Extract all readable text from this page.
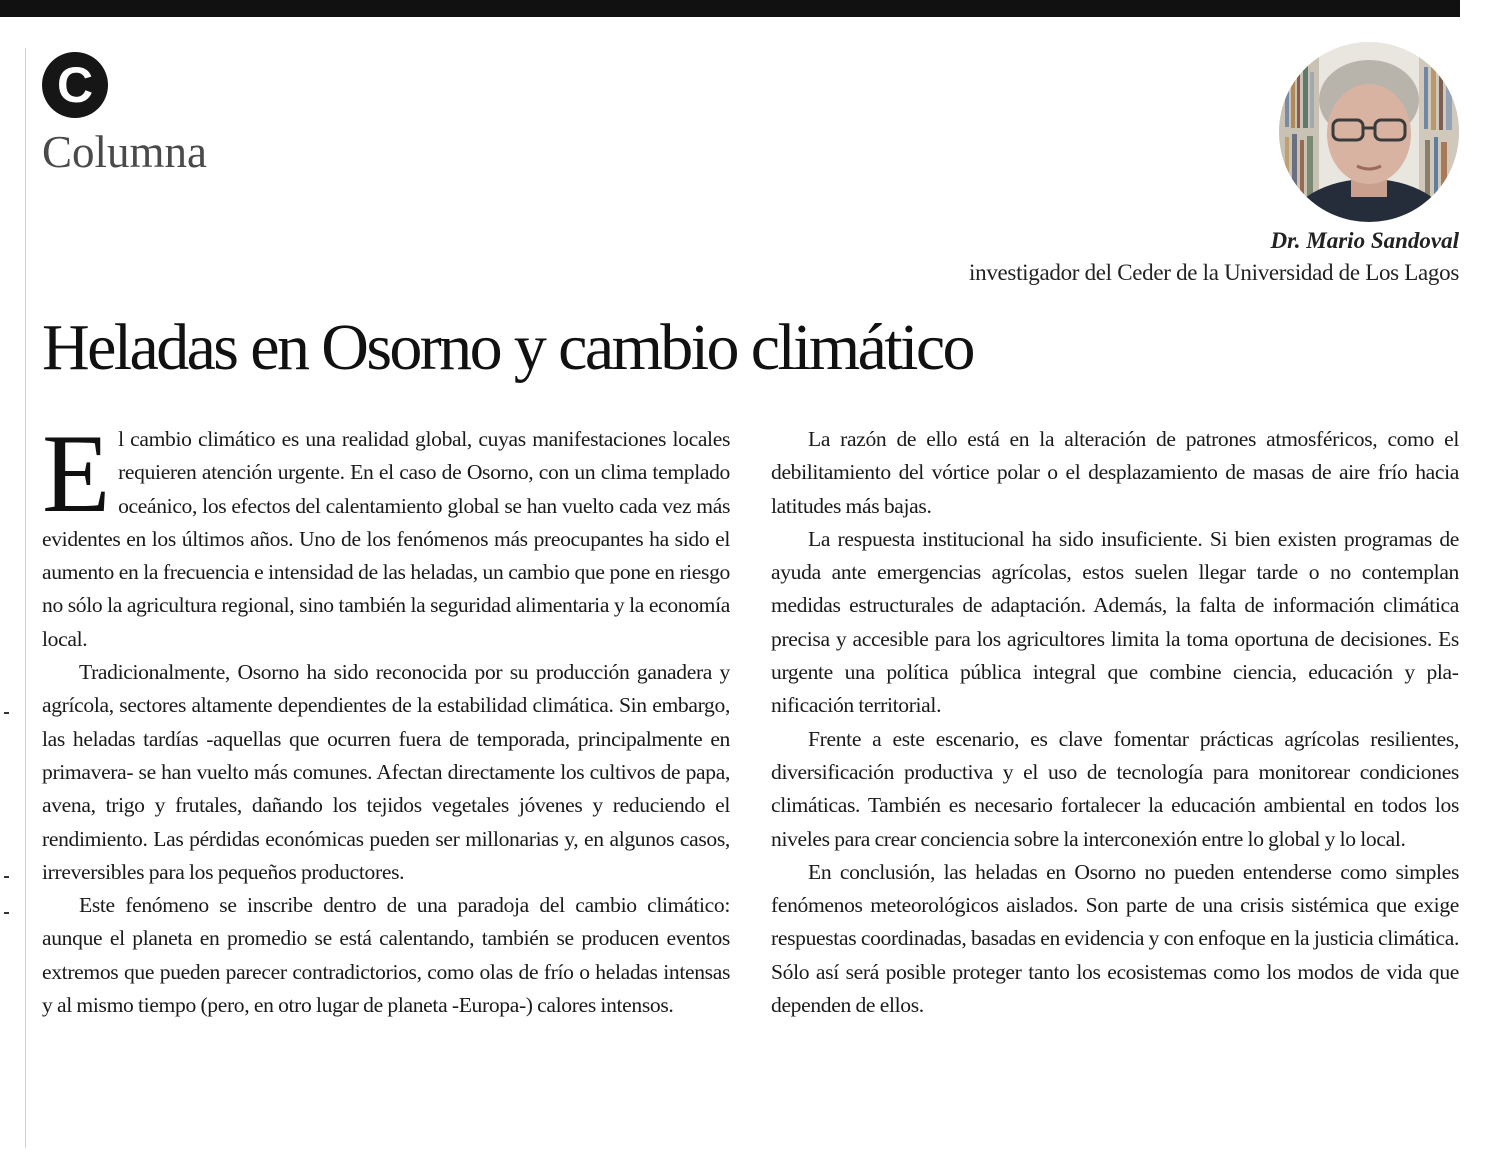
C
Columna
Dr. Mario Sandoval
investigador del Ceder de la Universidad de Los Lagos
Heladas en Osorno y cambio climático

El cambio climático es una realidad global, cuyas manifestaciones locales requieren atención urgente. En el caso de Osorno, con un clima templado oceánico, los efectos del calentamiento global se han vuelto cada vez más evidentes en los últimos años. Uno de los fenómenos más preocupantes ha sido el aumento en la frecuencia e intensidad de las heladas, un cambio que pone en riesgo no sólo la agricultura regional, sino también la seguridad alimentaria y la economía local.

Tradicionalmente, Osorno ha sido reconocida por su producción ganadera y agrícola, sectores altamente dependientes de la estabilidad climática. Sin embargo, las heladas tardías -aquellas que ocurren fuera de temporada, principalmente en primavera- se han vuelto más comunes. Afectan directamente los cultivos de papa, avena, trigo y frutales, dañando los tejidos vegetales jóvenes y reduciendo el rendimiento. Las pérdidas económicas pueden ser millonarias y, en algunos casos, irreversibles para los pequeños productores.

Este fenómeno se inscribe dentro de una paradoja del cambio climático: aunque el planeta en promedio se está calentando, también se producen eventos extremos que pueden parecer contradictorios, como olas de frío o heladas intensas y al mismo tiempo (pero, en otro lugar de planeta -Europa-) calores intensos.

La razón de ello está en la alteración de patrones atmosféricos, como el debilitamiento del vórtice polar o el desplazamiento de masas de aire frío hacia latitudes más bajas.

La respuesta institucional ha sido insuficiente. Si bien existen programas de ayuda ante emergencias agrícolas, estos suelen llegar tarde o no contemplan medidas estructurales de adaptación. Además, la falta de información climática precisa y accesible para los agricultores limita la toma oportuna de decisiones. Es urgente una política pública integral que combine ciencia, educación y planificación territorial.

Frente a este escenario, es clave fomentar prácticas agrícolas resilientes, diversificación productiva y el uso de tecnología para monitorear condiciones climáticas. También es necesario fortalecer la educación ambiental en todos los niveles para crear conciencia sobre la interconexión entre lo global y lo local.

En conclusión, las heladas en Osorno no pueden entenderse como simples fenómenos meteorológicos aislados. Son parte de una crisis sistémica que exige respuestas coordinadas, basadas en evidencia y con enfoque en la justicia climática. Sólo así será posible proteger tanto los ecosistemas como los modos de vida que dependen de ellos.
